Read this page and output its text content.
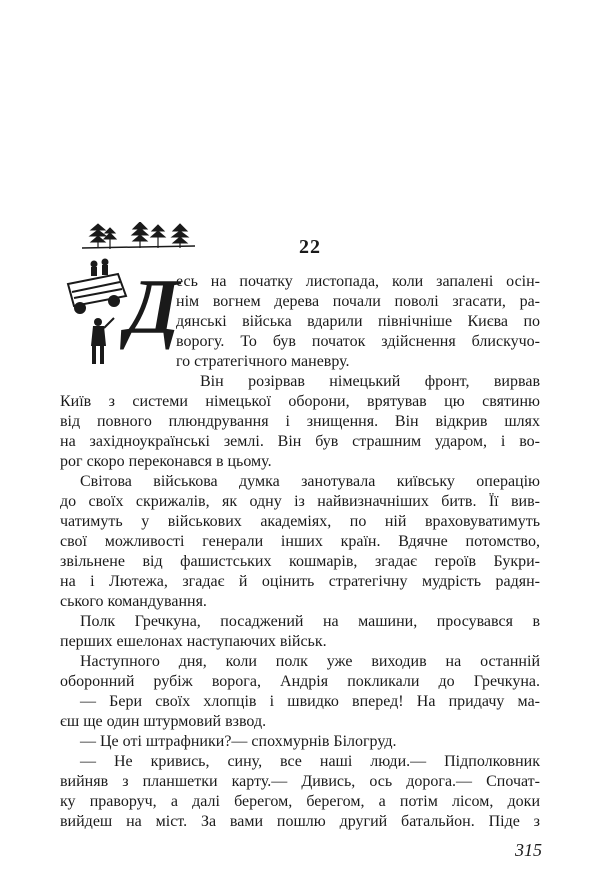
22
Д
есь на початку листопада, коли запалені осін-
нім вогнем дерева почали поволі згасати, ра-
дянські війська вдарили північніше Києва по
ворогу. То був початок здійснення блискучо-
го стратегічного маневру.
Він розірвав німецький фронт, вирвав
Київ з системи німецької оборони, врятував цю святиню
від повного плюндрування і знищення. Він відкрив шлях
на західноукраїнські землі. Він був страшним ударом, і во-
рог скоро переконався в цьому.
Світова військова думка занотувала київську операцію
до своїх скрижалів, як одну із найвизначніших битв. Її вив-
чатимуть у військових академіях, по ній враховуватимуть
свої можливості генерали інших країн. Вдячне потомство,
звільнене від фашистських кошмарів, згадає героїв Букри-
на і Лютежа, згадає й оцінить стратегічну мудрість радян-
ського командування.
Полк Гречкуна, посаджений на машини, просувався в
перших ешелонах наступаючих військ.
Наступного дня, коли полк уже виходив на останній
оборонний рубіж ворога, Андрія покликали до Гречкуна.
— Бери своїх хлопців і швидко вперед! На придачу ма-
єш ще один штурмовий взвод.
— Це оті штрафники?— спохмурнів Білогруд.
— Не кривись, сину, все наші люди.— Підполковник
вийняв з планшетки карту.— Дивись, ось дорога.— Спочат-
ку праворуч, а далі берегом, берегом, а потім лісом, доки
вийдеш на міст. За вами пошлю другий батальйон. Піде з
315
